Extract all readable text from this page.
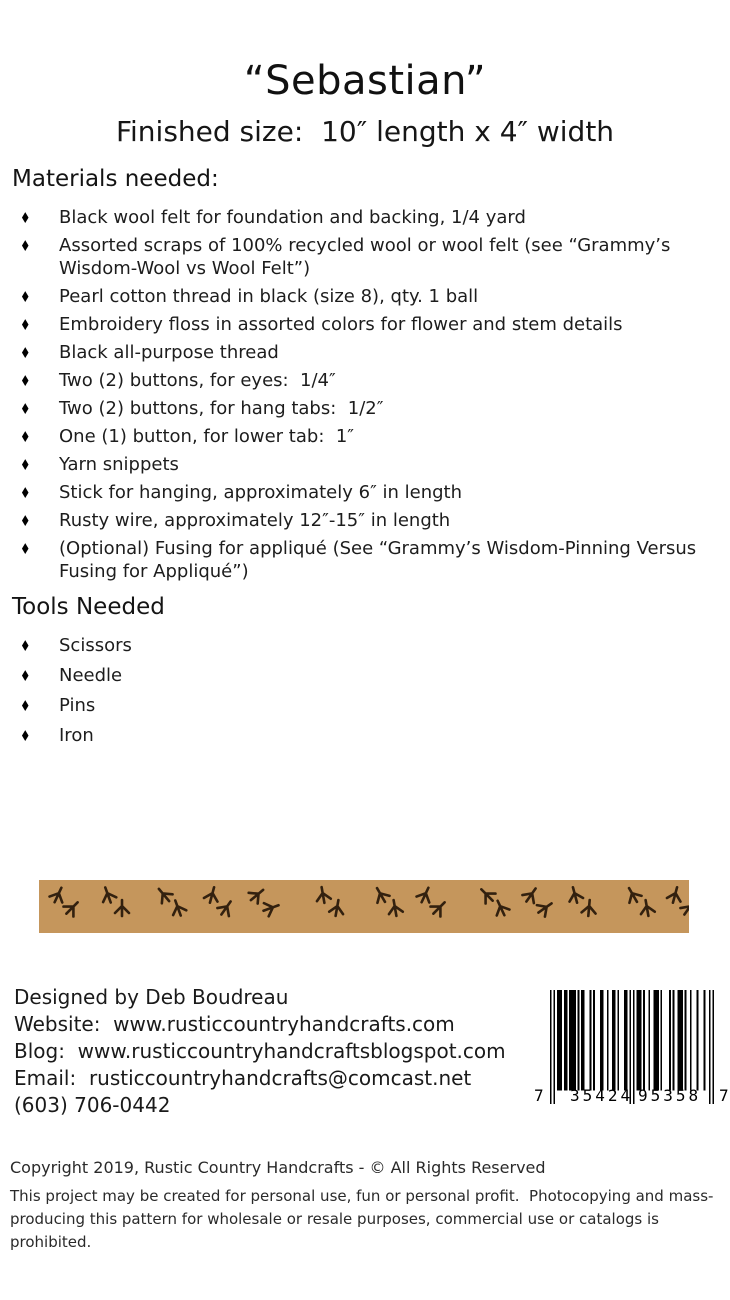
“Sebastian”
Finished size:  10″ length x 4″ width
Materials needed:
♦ Black wool felt for foundation and backing, 1/4 yard
♦ Assorted scraps of 100% recycled wool or wool felt (see “Grammy’s Wisdom-Wool vs Wool Felt”)
♦ Pearl cotton thread in black (size 8), qty. 1 ball
♦ Embroidery floss in assorted colors for flower and stem details
♦ Black all-purpose thread
♦ Two (2) buttons, for eyes:  1/4″
♦ Two (2) buttons, for hang tabs:  1/2″
♦ One (1) button, for lower tab:  1″
♦ Yarn snippets
♦ Stick for hanging, approximately 6″ in length
♦ Rusty wire, approximately 12″-15″ in length
♦ (Optional) Fusing for appliqué (See “Grammy’s Wisdom-Pinning Versus Fusing for Appliqué”)
Tools Needed
♦ Scissors
♦ Needle
♦ Pins
♦ Iron
Designed by Deb Boudreau
Website:  www.rusticcountryhandcrafts.com
Blog:  www.rusticcountryhandcraftsblogspot.com
Email:  rusticcountryhandcrafts@comcast.net
(603) 706-0442	7 35424 95358 7

Copyright 2019, Rustic Country Handcrafts - © All Rights Reserved

This project may be created for personal use, fun or personal profit.  Photocopying and mass-producing this pattern for wholesale or resale purposes, commercial use or catalogs is prohibited.
